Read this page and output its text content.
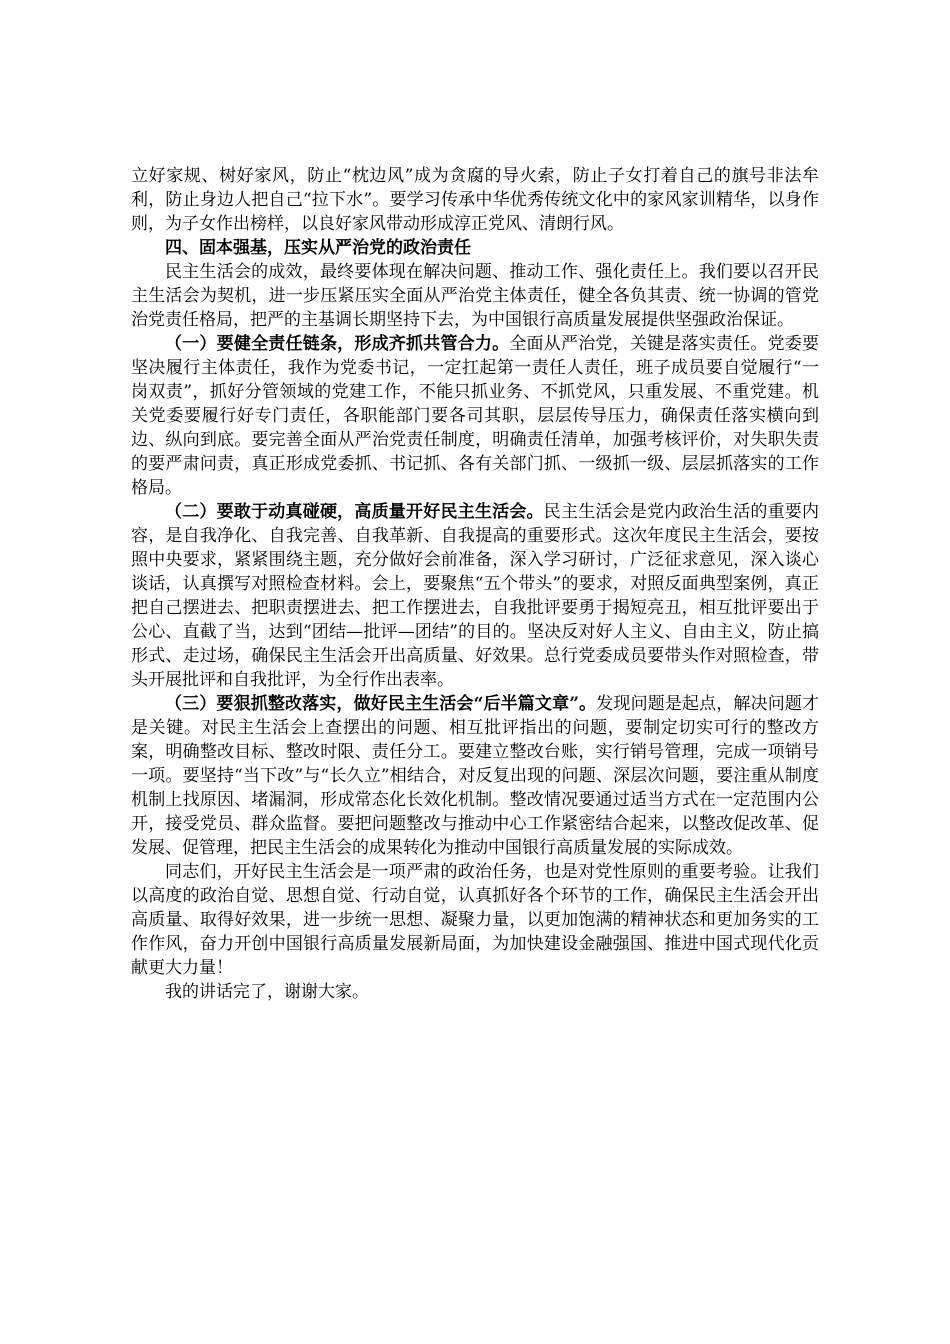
立好家规、树好家风，防止“枕边风”成为贪腐的导火索，防止子女打着自己的旗号非法牟利，防止身边人把自己“拉下水”。要学习传承中华优秀传统文化中的家风家训精华，以身作则，为子女作出榜样，以良好家风带动形成淳正党风、清朗行风。

四、固本强基，压实从严治党的政治责任

民主生活会的成效，最终要体现在解决问题、推动工作、强化责任上。我们要以召开民主生活会为契机，进一步压紧压实全面从严治党主体责任，健全各负其责、统一协调的管党治党责任格局，把严的主基调长期坚持下去，为中国银行高质量发展提供坚强政治保证。

（一）要健全责任链条，形成齐抓共管合力。全面从严治党，关键是落实责任。党委要坚决履行主体责任，我作为党委书记，一定扛起第一责任人责任，班子成员要自觉履行“一岗双责”，抓好分管领域的党建工作，不能只抓业务、不抓党风，只重发展、不重党建。机关党委要履行好专门责任，各职能部门要各司其职，层层传导压力，确保责任落实横向到边、纵向到底。要完善全面从严治党责任制度，明确责任清单，加强考核评价，对失职失责的要严肃问责，真正形成党委抓、书记抓、各有关部门抓、一级抓一级、层层抓落实的工作格局。

（二）要敢于动真碰硬，高质量开好民主生活会。民主生活会是党内政治生活的重要内容，是自我净化、自我完善、自我革新、自我提高的重要形式。这次年度民主生活会，要按照中央要求，紧紧围绕主题，充分做好会前准备，深入学习研讨，广泛征求意见，深入谈心谈话，认真撰写对照检查材料。会上，要聚焦“五个带头”的要求，对照反面典型案例，真正把自己摆进去、把职责摆进去、把工作摆进去，自我批评要勇于揭短亮丑，相互批评要出于公心、直截了当，达到“团结—批评—团结”的目的。坚决反对好人主义、自由主义，防止搞形式、走过场，确保民主生活会开出高质量、好效果。总行党委成员要带头作对照检查，带头开展批评和自我批评，为全行作出表率。

（三）要狠抓整改落实，做好民主生活会“后半篇文章”。发现问题是起点，解决问题才是关键。对民主生活会上查摆出的问题、相互批评指出的问题，要制定切实可行的整改方案，明确整改目标、整改时限、责任分工。要建立整改台账，实行销号管理，完成一项销号一项。要坚持“当下改”与“长久立”相结合，对反复出现的问题、深层次问题，要注重从制度机制上找原因、堵漏洞，形成常态化长效化机制。整改情况要通过适当方式在一定范围内公开，接受党员、群众监督。要把问题整改与推动中心工作紧密结合起来，以整改促改革、促发展、促管理，把民主生活会的成果转化为推动中国银行高质量发展的实际成效。

同志们，开好民主生活会是一项严肃的政治任务，也是对党性原则的重要考验。让我们以高度的政治自觉、思想自觉、行动自觉，认真抓好各个环节的工作，确保民主生活会开出高质量、取得好效果，进一步统一思想、凝聚力量，以更加饱满的精神状态和更加务实的工作作风，奋力开创中国银行高质量发展新局面，为加快建设金融强国、推进中国式现代化贡献更大力量！

我的讲话完了，谢谢大家。
